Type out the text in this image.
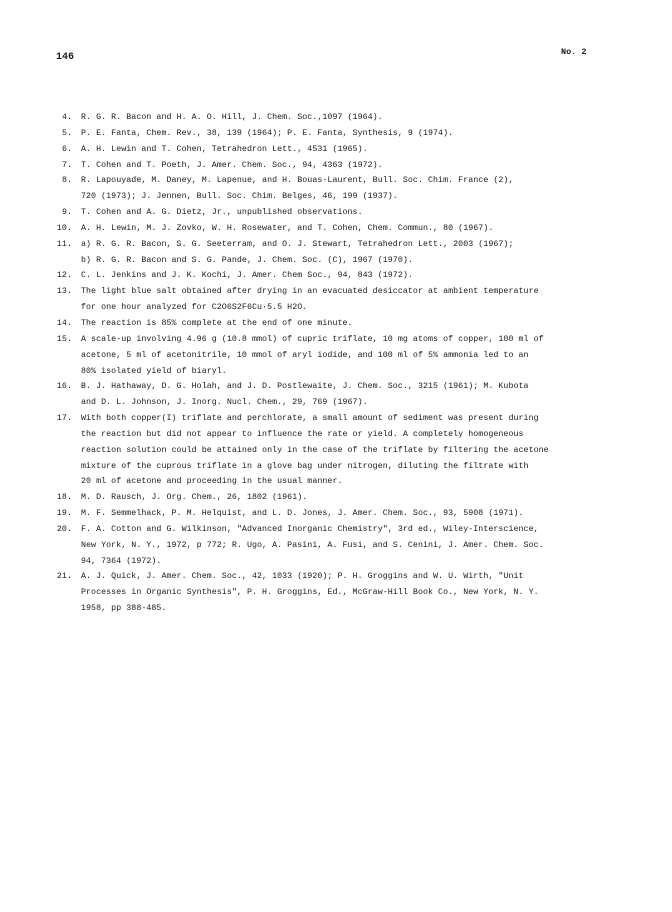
146	No. 2
4. R. G. R. Bacon and H. A. O. Hill, J. Chem. Soc.,1097 (1964).
5. P. E. Fanta, Chem. Rev., 38, 139 (1964); P. E. Fanta, Synthesis, 9 (1974).
6. A. H. Lewin and T. Cohen, Tetrahedron Lett., 4531 (1965).
7. T. Cohen and T. Poeth, J. Amer. Chem. Soc., 94, 4363 (1972).
8. R. Lapouyade, M. Daney, M. Lapenue, and H. Bouas-Laurent, Bull. Soc. Chim. France (2),
720 (1973); J. Jennen, Bull. Soc. Chim. Belges, 46, 199 (1937).
9. T. Cohen and A. G. Dietz, Jr., unpublished observations.
10. A. H. Lewin, M. J. Zovko, W. H. Rosewater, and T. Cohen, Chem. Commun., 80 (1967).
11. a) R. G. R. Bacon, S. G. Seeterram, and O. J. Stewart, Tetrahedron Lett., 2003 (1967);
b) R. G. R. Bacon and S. G. Pande, J. Chem. Soc. (C), 1967 (1970).
12. C. L. Jenkins and J. K. Kochi, J. Amer. Chem Soc., 94, 843 (1972).
13. The light blue salt obtained after drying in an evacuated desiccator at ambient temperature
for one hour analyzed for C2O6S2F6Cu·5.5 H2O.
14. The reaction is 85% complete at the end of one minute.
15. A scale-up involving 4.96 g (10.8 mmol) of cupric triflate, 10 mg atoms of copper, 100 ml of
acetone, 5 ml of acetonitrile, 10 mmol of aryl iodide, and 100 ml of 5% ammonia led to an
80% isolated yield of biaryl.
16. B. J. Hathaway, D. G. Holah, and J. D. Postlewaite, J. Chem. Soc., 3215 (1961); M. Kubota
and D. L. Johnson, J. Inorg. Nucl. Chem., 29, 769 (1967).
17. With both copper(I) triflate and perchlorate, a small amount of sediment was present during
the reaction but did not appear to influence the rate or yield. A completely homogeneous
reaction solution could be attained only in the case of the triflate by filtering the acetone
mixture of the cuprous triflate in a glove bag under nitrogen, diluting the filtrate with
20 ml of acetone and proceeding in the usual manner.
18. M. D. Rausch, J. Org. Chem., 26, 1802 (1961).
19. M. F. Semmelhack, P. M. Helquist, and L. D. Jones, J. Amer. Chem. Soc., 93, 5908 (1971).
20. F. A. Cotton and G. Wilkinson, "Advanced Inorganic Chemistry", 3rd ed., Wiley-Interscience,
New York, N. Y., 1972, p 772; R. Ugo, A. Pasini, A. Fusi, and S. Cenini, J. Amer. Chem. Soc.
94, 7364 (1972).
21. A. J. Quick, J. Amer. Chem. Soc., 42, 1033 (1920); P. H. Groggins and W. U. Wirth, "Unit
Processes in Organic Synthesis", P. H. Groggins, Ed., McGraw-Hill Book Co., New York, N. Y.
1958, pp 388-485.
